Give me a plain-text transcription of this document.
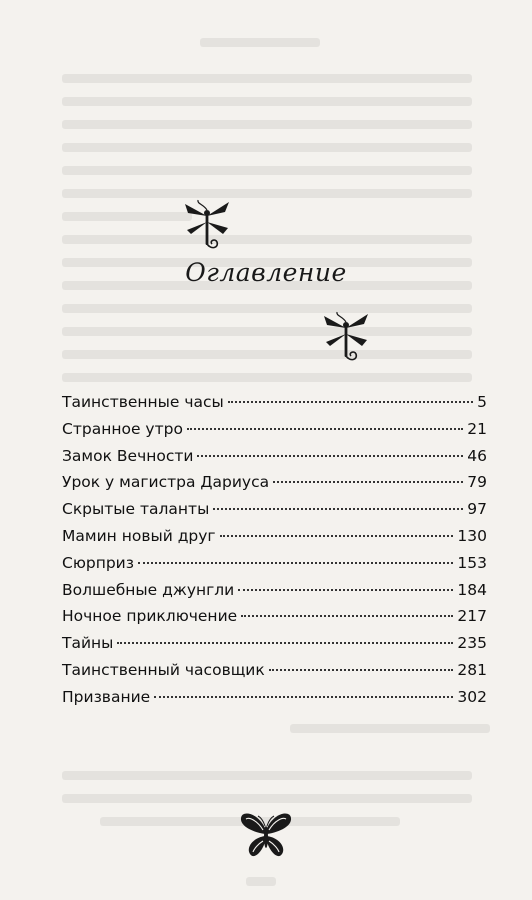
Оглавление
Таинственные часы	5
Странное утро	21
Замок Вечности	46
Урок у магистра Дариуса	79
Скрытые таланты	97
Мамин новый друг	130
Сюрприз	153
Волшебные джунгли	184
Ночное приключение	217
Тайны	235
Таинственный часовщик	281
Призвание	302
